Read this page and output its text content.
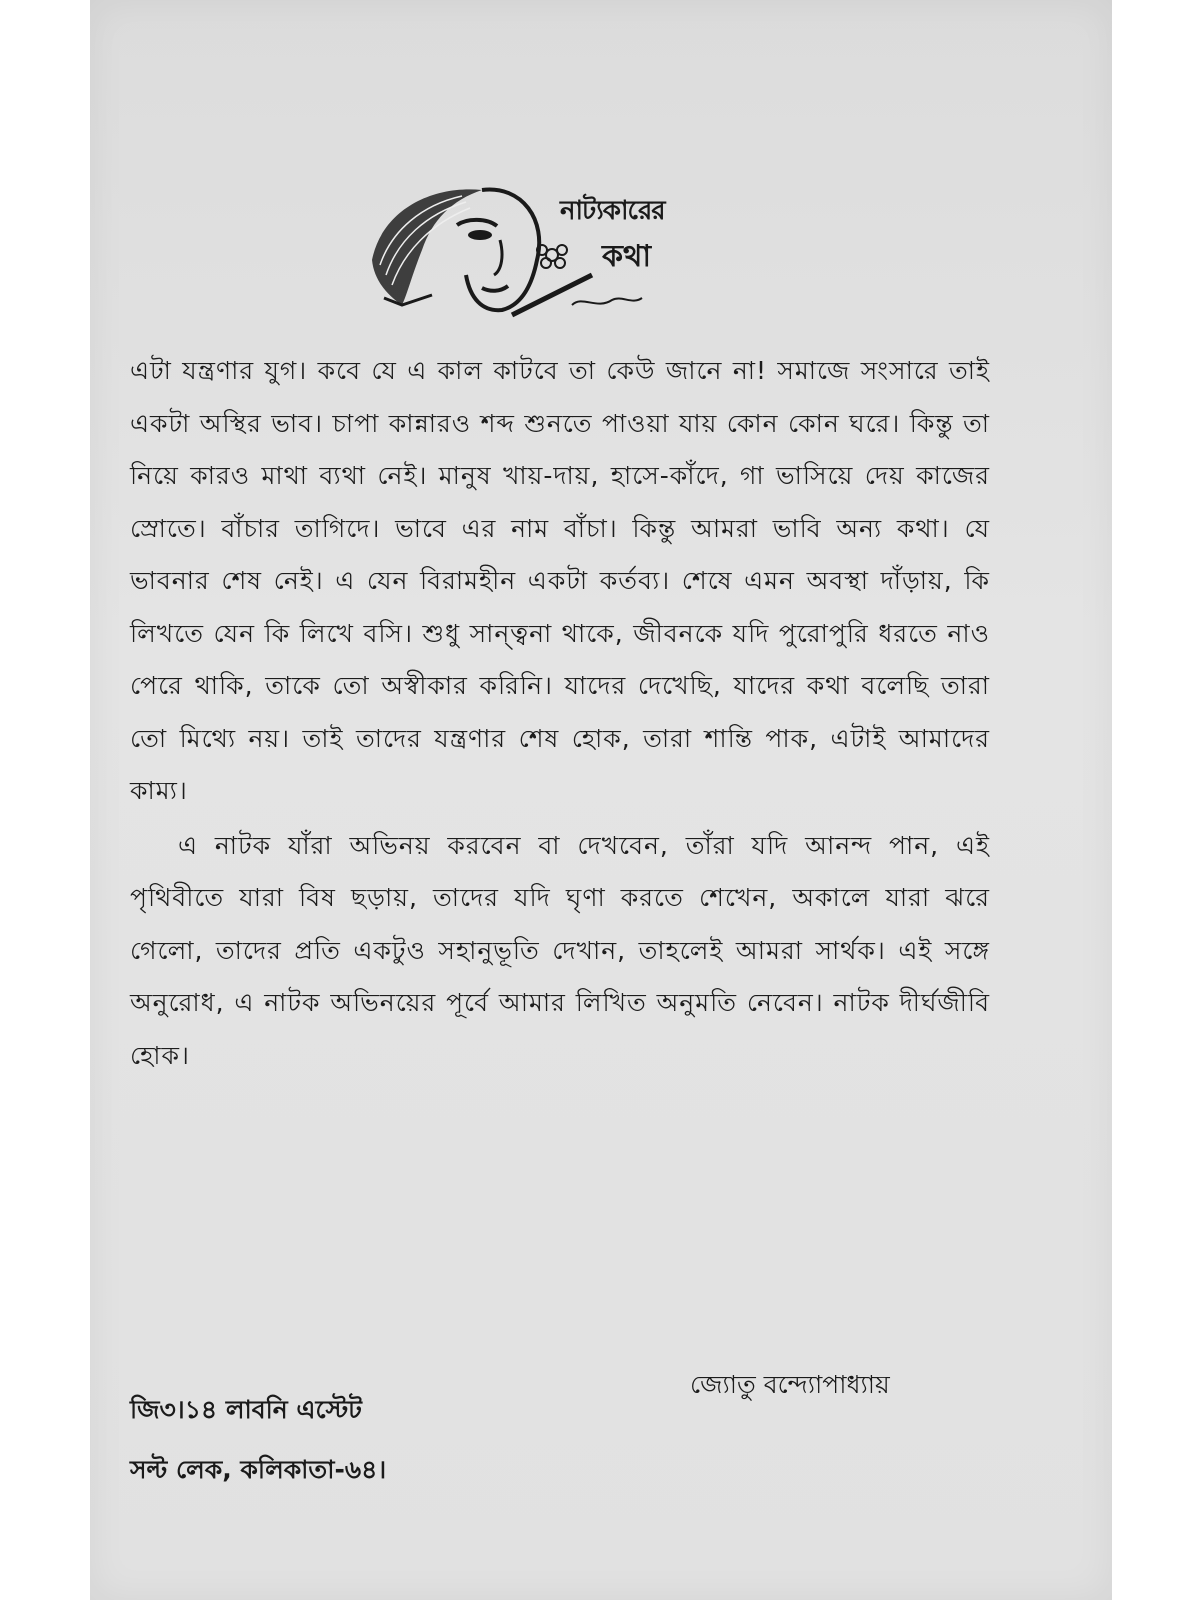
নাট্যকারের
কথা

এটা যন্ত্রণার যুগ। কবে যে এ কাল কাটবে তা কেউ জানে না! সমাজে সংসারে তাই একটা অস্থির ভাব। চাপা কান্নারও শব্দ শুনতে পাওয়া যায় কোন কোন ঘরে। কিন্তু তা নিয়ে কারও মাথা ব্যথা নেই। মানুষ খায়-দায়, হাসে-কাঁদে, গা ভাসিয়ে দেয় কাজের স্রোতে। বাঁচার তাগিদে। ভাবে এর নাম বাঁচা। কিন্তু আমরা ভাবি অন্য কথা। যে ভাবনার শেষ নেই। এ যেন বিরামহীন একটা কর্তব্য। শেষে এমন অবস্থা দাঁড়ায়, কি লিখতে যেন কি লিখে বসি। শুধু সান্ত্বনা থাকে, জীবনকে যদি পুরোপুরি ধরতে নাও পেরে থাকি, তাকে তো অস্বীকার করিনি। যাদের দেখেছি, যাদের কথা বলেছি তারা তো মিথ্যে নয়। তাই তাদের যন্ত্রণার শেষ হোক, তারা শান্তি পাক, এটাই আমাদের কাম্য।

এ নাটক যাঁরা অভিনয় করবেন বা দেখবেন, তাঁরা যদি আনন্দ পান, এই পৃথিবীতে যারা বিষ ছড়ায়, তাদের যদি ঘৃণা করতে শেখেন, অকালে যারা ঝরে গেলো, তাদের প্রতি একটুও সহানুভূতি দেখান, তাহলেই আমরা সার্থক। এই সঙ্গে অনুরোধ, এ নাটক অভিনয়ের পূর্বে আমার লিখিত অনুমতি নেবেন। নাটক দীর্ঘজীবি হোক।

জি৩।১৪ লাবনি এস্টেট
সল্ট লেক, কলিকাতা-৬৪।
জ্যোতু বন্দ্যোপাধ্যায়
